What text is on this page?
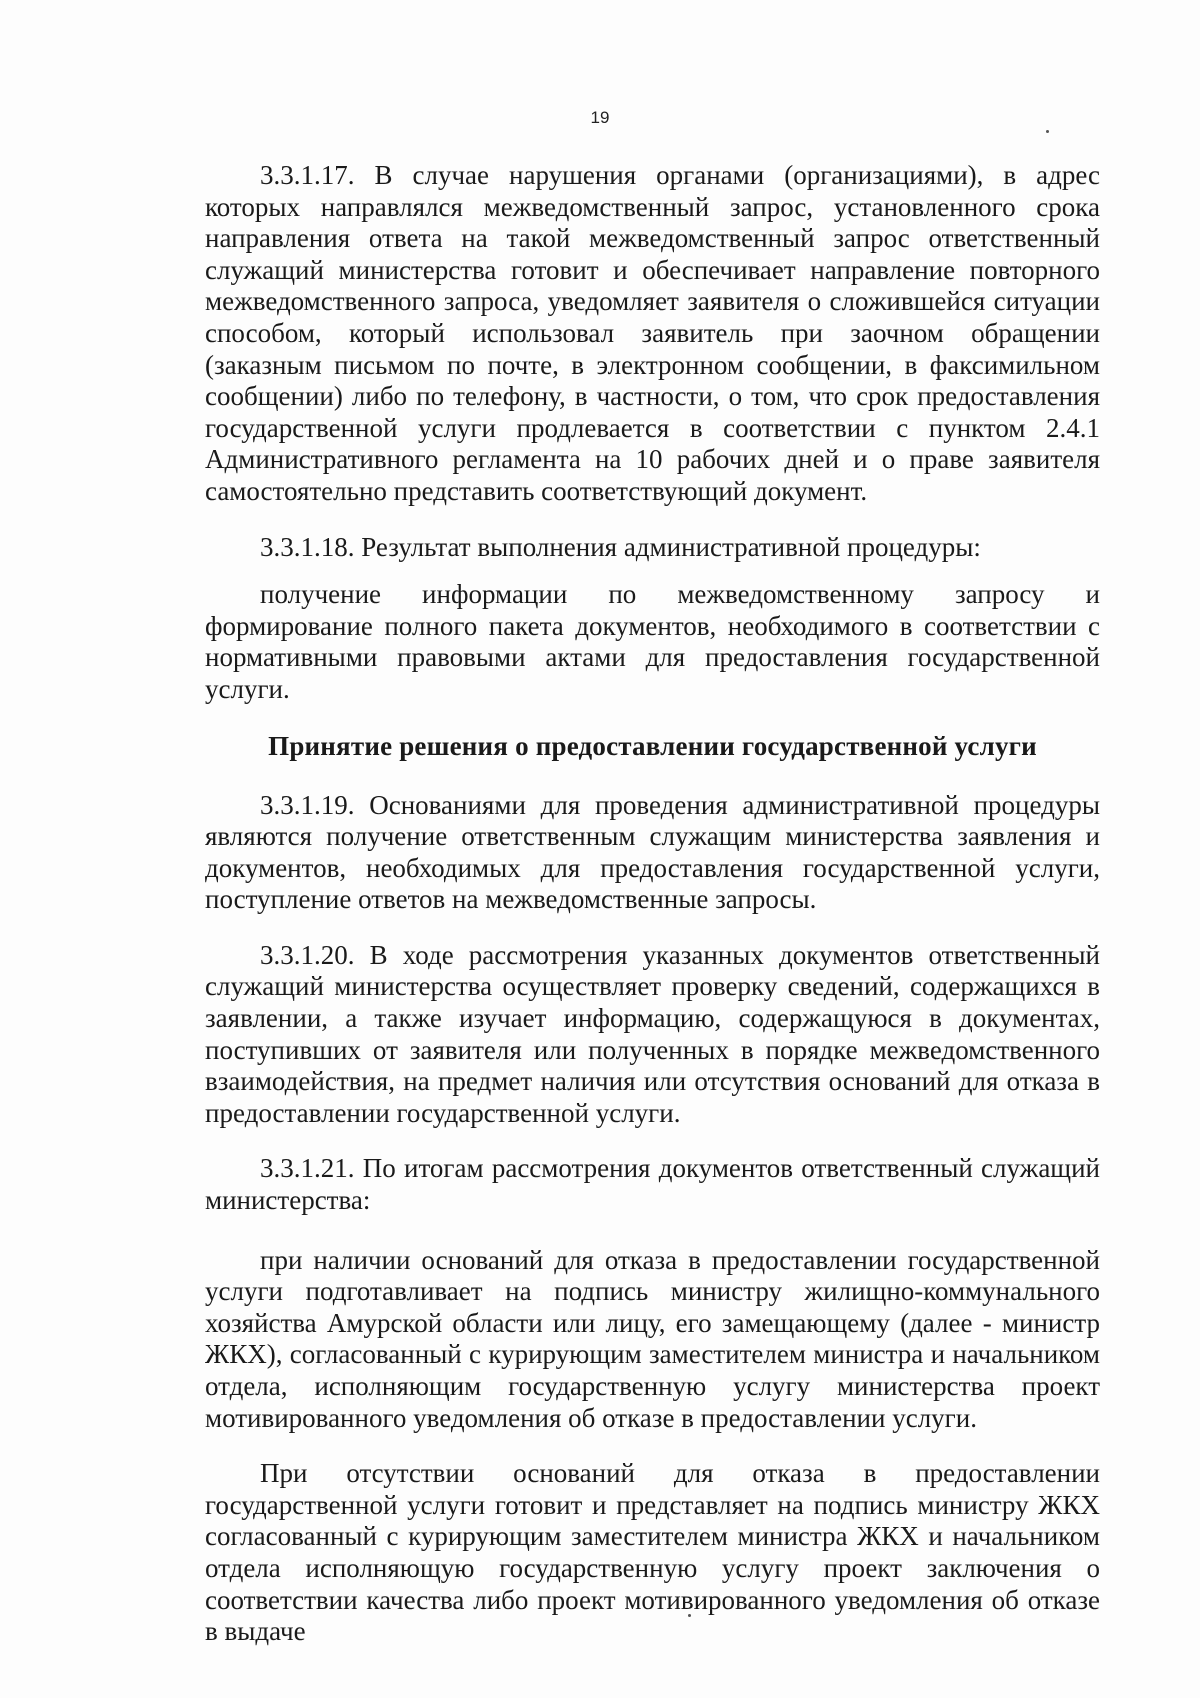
19

3.3.1.17. В случае нарушения органами (организациями), в адрес которых направлялся межведомственный запрос, установленного срока направления ответа на такой межведомственный запрос ответственный служащий министерства готовит и обеспечивает направление повторного межведомственного запроса, уведомляет заявителя о сложившейся ситуации способом, который использовал заявитель при заочном обращении (заказным письмом по почте, в электронном сообщении, в факсимильном сообщении) либо по телефону, в частности, о том, что срок предоставления государственной услуги продлевается в соответствии с пунктом 2.4.1 Административного регламента на 10 рабочих дней и о праве заявителя самостоятельно представить соответствующий документ.

3.3.1.18. Результат выполнения административной процедуры:

получение информации по межведомственному запросу и формирование полного пакета документов, необходимого в соответствии с нормативными правовыми актами для предоставления государственной услуги.

Принятие решения о предоставлении государственной услуги

3.3.1.19. Основаниями для проведения административной процедуры являются получение ответственным служащим министерства заявления и документов, необходимых для предоставления государственной услуги, поступление ответов на межведомственные запросы.

3.3.1.20. В ходе рассмотрения указанных документов ответственный служащий министерства осуществляет проверку сведений, содержащихся в заявлении, а также изучает информацию, содержащуюся в документах, поступивших от заявителя или полученных в порядке межведомственного взаимодействия, на предмет наличия или отсутствия оснований для отказа в предоставлении государственной услуги.

3.3.1.21. По итогам рассмотрения документов ответственный служащий министерства:

при наличии оснований для отказа в предоставлении государственной услуги подготавливает на подпись министру жилищно-коммунального хозяйства Амурской области или лицу, его замещающему (далее - министр ЖКХ), согласованный с курирующим заместителем министра и начальником отдела, исполняющим государственную услугу министерства проект мотивированного уведомления об отказе в предоставлении услуги.

При отсутствии оснований для отказа в предоставлении государственной услуги готовит и представляет на подпись министру ЖКХ согласованный с курирующим заместителем министра ЖКХ и начальником отдела исполняющую государственную услугу проект заключения о соответствии качества либо проект мотивированного уведомления об отказе в выдаче
